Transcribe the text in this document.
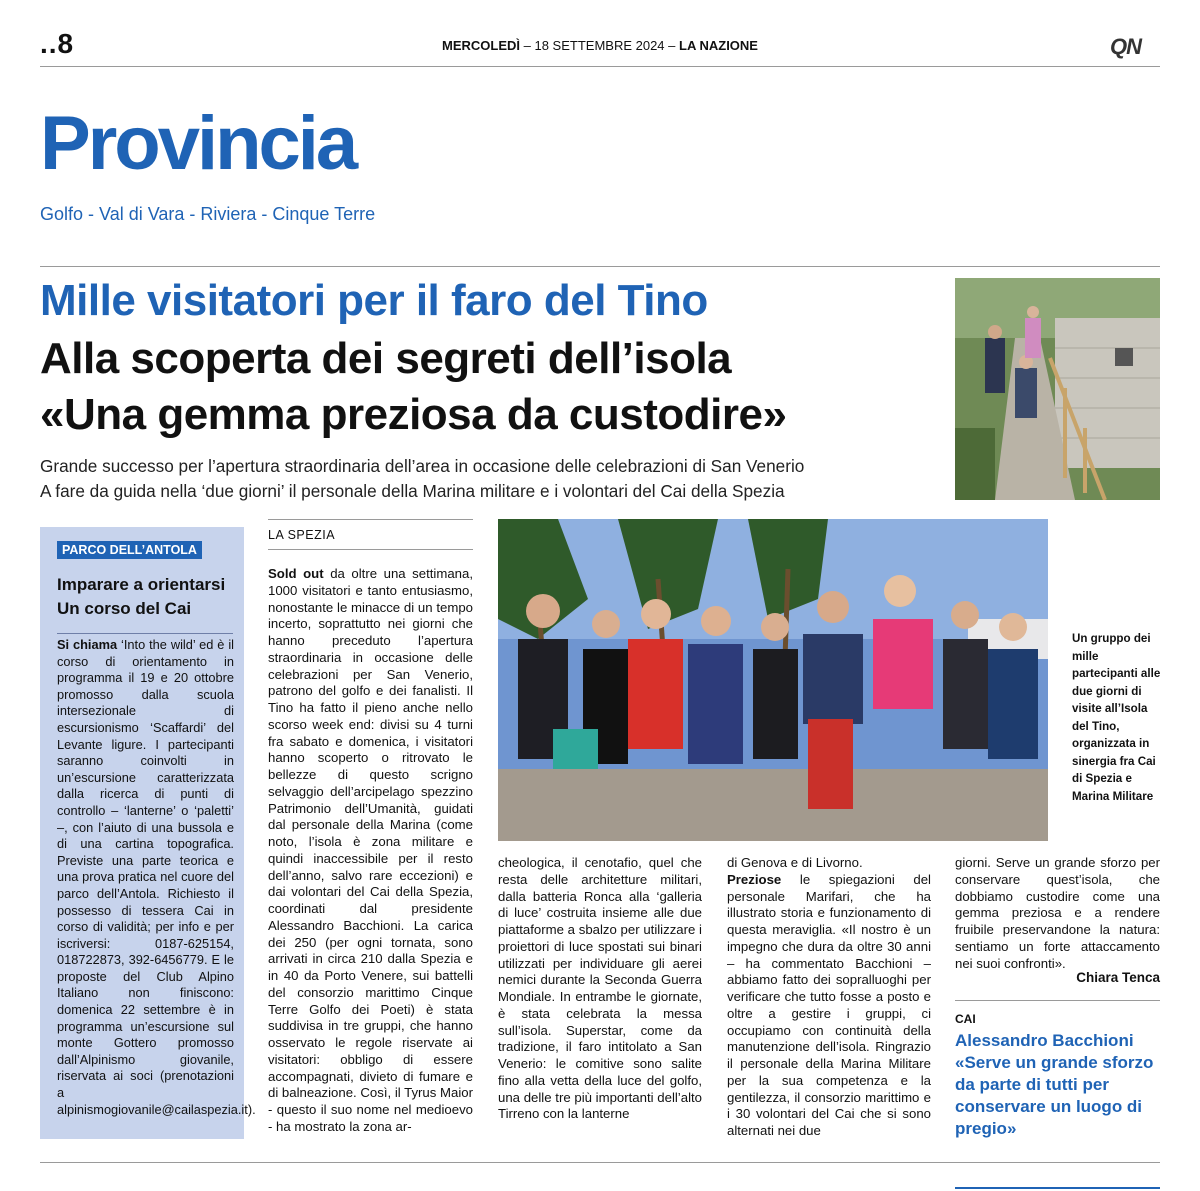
..8	MERCOLEDÌ – 18 SETTEMBRE 2024 – LA NAZIONE	QN
Provincia
Golfo - Val di Vara - Riviera - Cinque Terre
Mille visitatori per il faro del Tino
Alla scoperta dei segreti dell’isola
«Una gemma preziosa da custodire»
Grande successo per l’apertura straordinaria dell’area in occasione delle celebrazioni di San Venerio
A fare da guida nella ‘due giorni’ il personale della Marina militare e i volontari del Cai della Spezia
PARCO DELL’ANTOLA
Imparare a orientarsi
Un corso del Cai
Si chiama ‘Into the wild’ ed è il corso di orientamento in programma il 19 e 20 ottobre promosso dalla scuola intersezionale di escursionismo ‘Scaffardi’ del Levante ligure. I partecipanti saranno coinvolti in un’escursione caratterizzata dalla ricerca di punti di controllo – ‘lanterne’ o ‘paletti’ –, con l’aiuto di una bussola e di una cartina topografica. Previste una parte teorica e una prova pratica nel cuore del parco dell’Antola. Richiesto il possesso di tessera Cai in corso di validità; per info e per iscriversi: 0187-625154, 018722873, 392-6456779. E le proposte del Club Alpino Italiano non finiscono: domenica 22 settembre è in programma un’escursione sul monte Gottero promosso dall’Alpinismo giovanile, riservata ai soci (prenotazioni a alpinismogiovanile@cailaspezia.it).
LA SPEZIA
Sold out da oltre una settimana, 1000 visitatori e tanto entusiasmo, nonostante le minacce di un tempo incerto, soprattutto nei giorni che hanno preceduto l’apertura straordinaria in occasione delle celebrazioni per San Venerio, patrono del golfo e dei fanalisti. Il Tino ha fatto il pieno anche nello scorso week end: divisi su 4 turni fra sabato e domenica, i visitatori hanno scoperto o ritrovato le bellezze di questo scrigno selvaggio dell’arcipelago spezzino Patrimonio dell’Umanità, guidati dal personale della Marina (come noto, l’isola è zona militare e quindi inaccessibile per il resto dell’anno, salvo rare eccezioni) e dai volontari del Cai della Spezia, coordinati dal presidente Alessandro Bacchioni. La carica dei 250 (per ogni tornata, sono arrivati in circa 210 dalla Spezia e in 40 da Porto Venere, sui battelli del consorzio marittimo Cinque Terre Golfo dei Poeti) è stata suddivisa in tre gruppi, che hanno osservato le regole riservate ai visitatori: obbligo di essere accompagnati, divieto di fumare e di balneazione. Così, il Tyrus Maior - questo il suo nome nel medioevo - ha mostrato la zona ar-
Un gruppo dei mille partecipanti alle due giorni di visite all’Isola del Tino, organizzata in sinergia fra Cai di Spezia e Marina Militare
cheologica, il cenotafio, quel che resta delle architetture militari, dalla batteria Ronca alla ‘galleria di luce’ costruita insieme alle due piattaforme a sbalzo per utilizzare i proiettori di luce spostati sui binari utilizzati per individuare gli aerei nemici durante la Seconda Guerra Mondiale. In entrambe le giornate, è stata celebrata la messa sull’isola. Superstar, come da tradizione, il faro intitolato a San Venerio: le comitive sono salite fino alla vetta della luce del golfo, una delle tre più importanti dell’alto Tirreno con la lanterne
di Genova e di Livorno.
Preziose le spiegazioni del personale Marifari, che ha illustrato storia e funzionamento di questa meraviglia. «Il nostro è un impegno che dura da oltre 30 anni – ha commentato Bacchioni – abbiamo fatto dei sopralluoghi per verificare che tutto fosse a posto e oltre a gestire i gruppi, ci occupiamo con continuità della manutenzione dell’isola. Ringrazio il personale della Marina Militare per la sua competenza e la gentilezza, il consorzio marittimo e i 30 volontari del Cai che si sono alternati nei due
giorni. Serve un grande sforzo per conservare quest’isola, che dobbiamo custodire come una gemma preziosa e a rendere fruibile preservandone la natura: sentiamo un forte attaccamento nei suoi confronti».
Chiara Tenca
CAI
Alessandro Bacchioni
«Serve un grande sforzo da parte di tutti per conservare un luogo di pregio»
